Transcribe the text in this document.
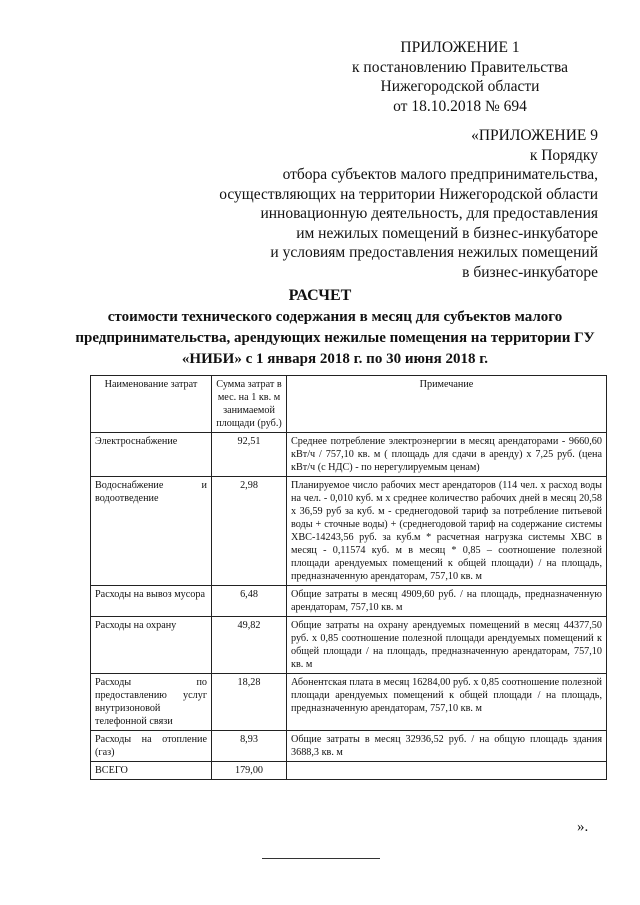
ПРИЛОЖЕНИЕ 1
к постановлению Правительства
Нижегородской области
от 18.10.2018 № 694
«ПРИЛОЖЕНИЕ 9
к Порядку
отбора субъектов малого предпринимательства,
осуществляющих на территории Нижегородской области
инновационную деятельность, для предоставления
им нежилых помещений в бизнес-инкубаторе
и условиям предоставления нежилых помещений
в бизнес-инкубаторе
РАСЧЕТ
стоимости технического содержания в месяц для субъектов малого предпринимательства, арендующих нежилые помещения на территории ГУ «НИБИ» с 1 января 2018 г. по 30 июня 2018 г.
Наименование затрат	Сумма затрат в мес. на 1 кв. м занимаемой площади (руб.)	Примечание
Электроснабжение	92,51	Среднее потребление электроэнергии в месяц арендаторами - 9660,60 кВт/ч / 757,10 кв. м ( площадь для сдачи в аренду) х 7,25 руб. (цена кВт/ч (с НДС) - по нерегулируемым ценам)
Водоснабжение и водоотведение	2,98	Планируемое число рабочих мест арендаторов (114 чел. х расход воды на чел. - 0,010 куб. м х среднее количество рабочих дней в месяц 20,58 х 36,59 руб за куб. м - среднегодовой тариф за потребление питьевой воды + сточные воды) + (среднегодовой тариф на содержание системы ХВС-14243,56 руб. за куб.м * расчетная нагрузка системы ХВС в месяц - 0,11574 куб. м в месяц * 0,85 – соотношение полезной площади арендуемых помещений к общей площади) / на площадь, предназначенную арендаторам, 757,10 кв. м
Расходы на вывоз мусора	6,48	Общие затраты в месяц 4909,60 руб. / на площадь, предназначенную арендаторам, 757,10 кв. м
Расходы на охрану	49,82	Общие затраты на охрану арендуемых помещений в месяц 44377,50 руб. х 0,85 соотношение полезной площади арендуемых помещений к общей площади / на площадь, предназначенную арендаторам, 757,10 кв. м
Расходы по предоставлению услуг внутризоновой телефонной связи	18,28	Абонентская плата в месяц 16284,00 руб. х 0,85 соотношение полезной площади арендуемых помещений к общей площади / на площадь, предназначенную арендаторам, 757,10 кв. м
Расходы на отопление (газ)	8,93	Общие затраты в месяц 32936,52 руб. / на общую площадь здания 3688,3 кв. м
ВСЕГО	179,00	
».
